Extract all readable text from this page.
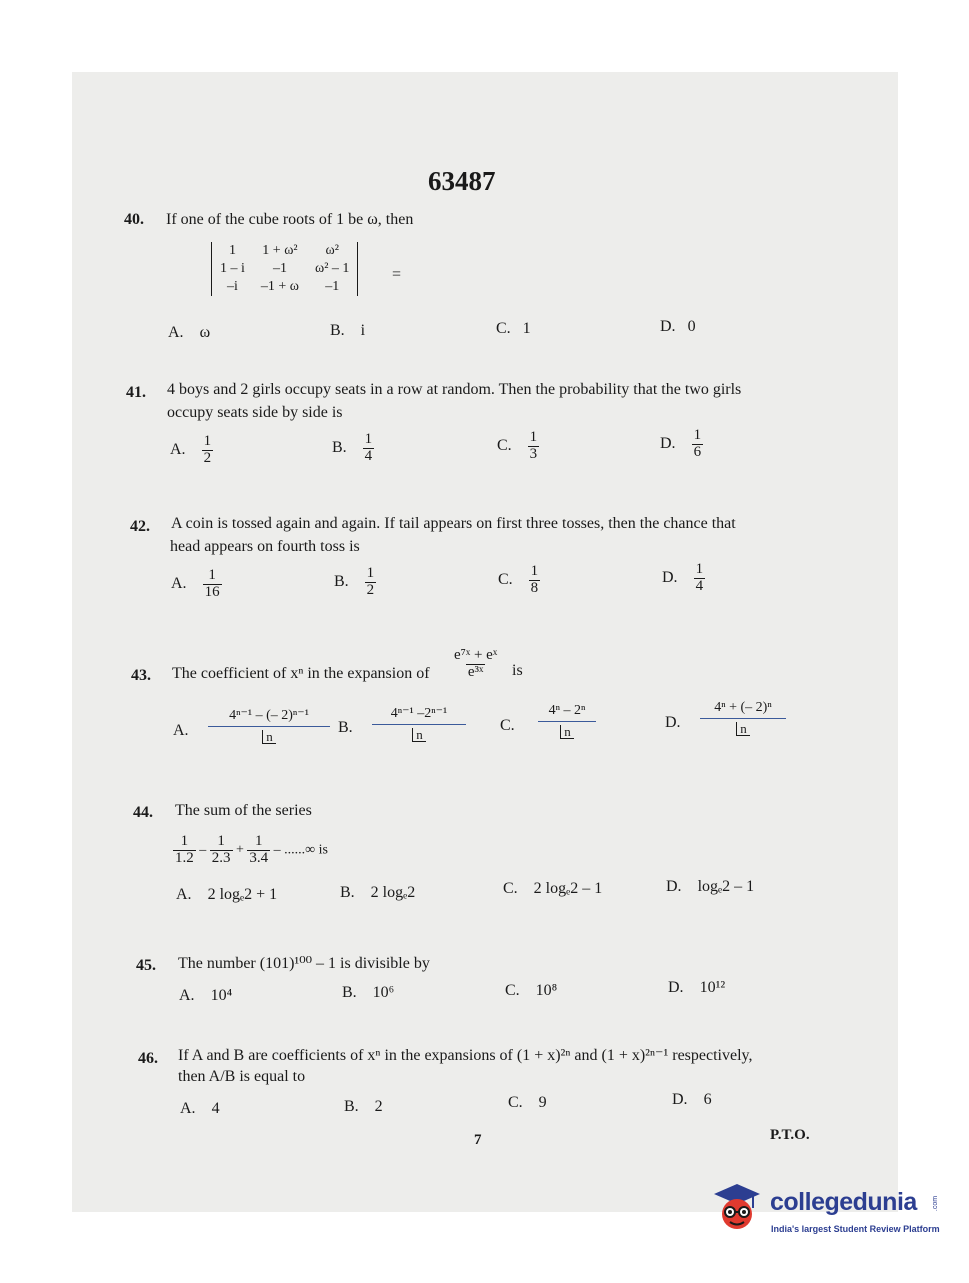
63487
40. If one of the cube roots of 1 be ω, then
1	1 + ω²	ω²
1 – i	–1	ω² – 1
–i	–1 + ω	–1
=
A. ω	B. i	C. 1	D. 0
41. 4 boys and 2 girls occupy seats in a row at random. Then the probability that the two girls
occupy seats side by side is
A. $\frac{1}{2}$	B. $\frac{1}{4}$	C. $\frac{1}{3}$	D. $\frac{1}{6}$
42. A coin is tossed again and again. If tail appears on first three tosses, then the chance that
head appears on fourth toss is
A. $\frac{1}{16}$	B. $\frac{1}{2}$	C. $\frac{1}{8}$	D. $\frac{1}{4}$
43. The coefficient of xⁿ in the expansion of $\frac{\text{e⁷ˣ + eˣ}}{\text{e³ˣ}}$ is
A.
4ⁿ⁻¹ – (– 2)ⁿ⁻¹
n
B.
4ⁿ⁻¹ –2ⁿ⁻¹
n
C.
4ⁿ – 2ⁿ
n
D.
4ⁿ + (– 2)ⁿ
n
44. The sum of the series
$\frac{1}{1.2} - \frac{1}{2.3} + \frac{1}{3.4}$ – ......∞ is
A. 2 logₑ2 + 1	B. 2 logₑ2	C. 2 logₑ2 – 1	D. logₑ2 – 1
45. The number (101)¹⁰⁰ – 1 is divisible by
A. 10⁴	B. 10⁶	C. 10⁸	D. 10¹²
46. If A and B are coefficients of xⁿ in the expansions of (1 + x)²ⁿ and (1 + x)²ⁿ⁻¹ respectively,
then A/B is equal to
A. 4	B. 2	C. 9	D. 6
7	P.T.O.
collegedunia .com
India's largest Student Review Platform
